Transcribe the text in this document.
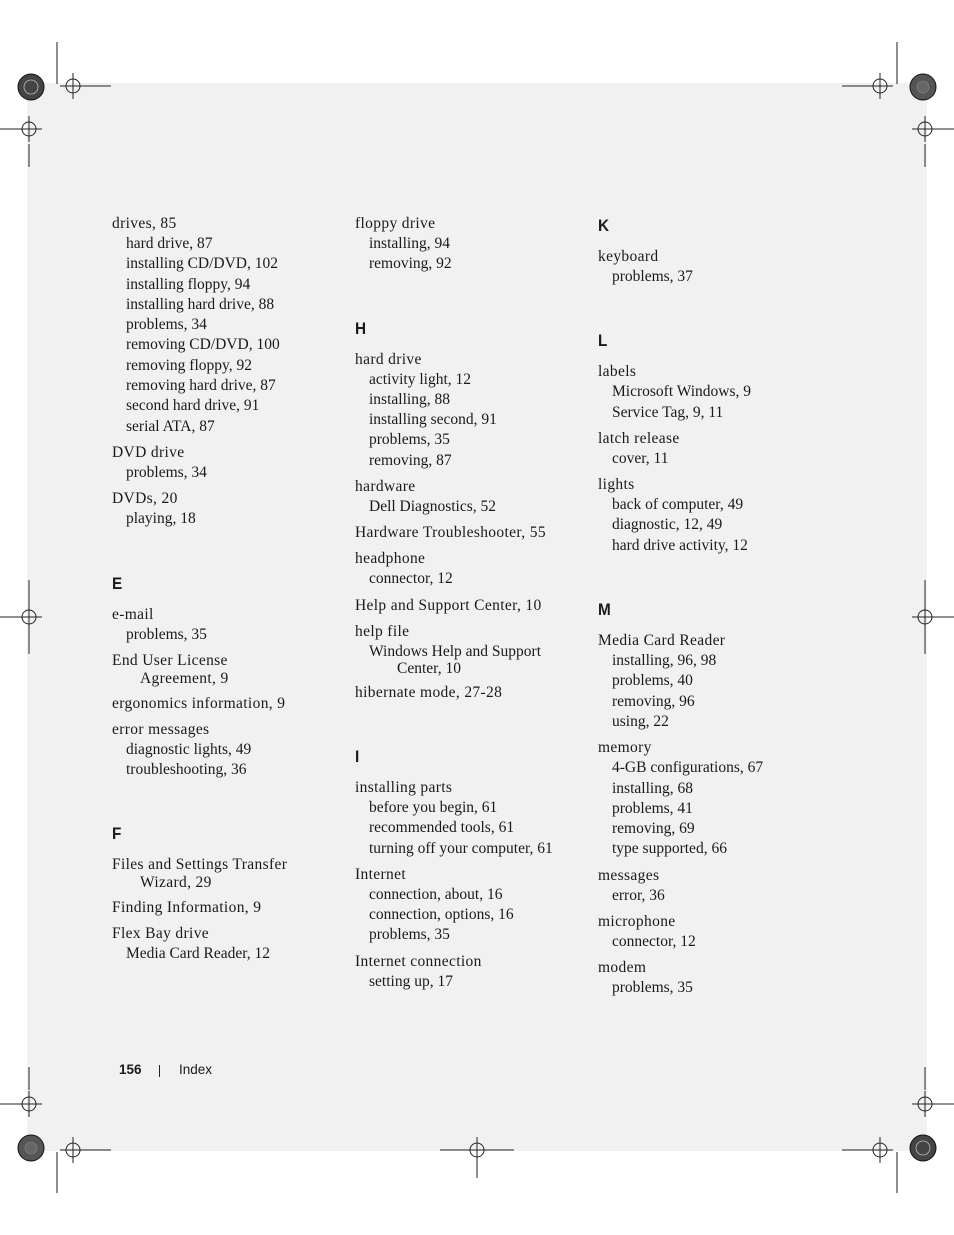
drives, 85
hard drive, 87
installing CD/DVD, 102
installing floppy, 94
installing hard drive, 88
problems, 34
removing CD/DVD, 100
removing floppy, 92
removing hard drive, 87
second hard drive, 91
serial ATA, 87
DVD drive
problems, 34
DVDs, 20
playing, 18
E
e-mail
problems, 35
End User License
Agreement, 9
ergonomics information, 9
error messages
diagnostic lights, 49
troubleshooting, 36
F
Files and Settings Transfer
Wizard, 29
Finding Information, 9
Flex Bay drive
Media Card Reader, 12
floppy drive
installing, 94
removing, 92
H
hard drive
activity light, 12
installing, 88
installing second, 91
problems, 35
removing, 87
hardware
Dell Diagnostics, 52
Hardware Troubleshooter, 55
headphone
connector, 12
Help and Support Center, 10
help file
Windows Help and Support
Center, 10
hibernate mode, 27-28
I
installing parts
before you begin, 61
recommended tools, 61
turning off your computer, 61
Internet
connection, about, 16
connection, options, 16
problems, 35
Internet connection
setting up, 17
K
keyboard
problems, 37
L
labels
Microsoft Windows, 9
Service Tag, 9, 11
latch release
cover, 11
lights
back of computer, 49
diagnostic, 12, 49
hard drive activity, 12
M
Media Card Reader
installing, 96, 98
problems, 40
removing, 96
using, 22
memory
4-GB configurations, 67
installing, 68
problems, 41
removing, 69
type supported, 66
messages
error, 36
microphone
connector, 12
modem
problems, 35
156	Index
